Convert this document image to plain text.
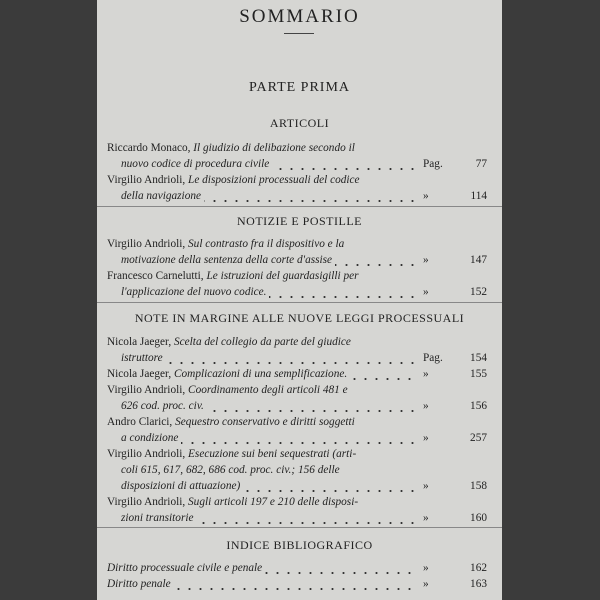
SOMMARIO
PARTE PRIMA
ARTICOLI
Riccardo Monaco, Il giudizio di delibazione secondo il
nuovo codice di procedura civile	Pag.	77
Virgilio Andrioli, Le disposizioni processuali del codice
della navigazione	»	114
NOTIZIE E POSTILLE
Virgilio Andrioli, Sul contrasto fra il dispositivo e la
motivazione della sentenza della corte d'assise	»	147
Francesco Carnelutti, Le istruzioni del guardasigilli per
l'applicazione del nuovo codice.	»	152
NOTE IN MARGINE ALLE NUOVE LEGGI PROCESSUALI
Nicola Jaeger, Scelta del collegio da parte del giudice
istruttore	Pag.	154
Nicola Jaeger, Complicazioni di una semplificazione.	»	155
Virgilio Andrioli, Coordinamento degli articoli 481 e
626 cod. proc. civ.	»	156
Andro Clarici, Sequestro conservativo e diritti soggetti
a condizione	»	257
Virgilio Andrioli, Esecuzione sui beni sequestrati (arti-
coli 615, 617, 682, 686 cod. proc. civ.; 156 delle
disposizioni di attuazione)	»	158
Virgilio Andrioli, Sugli articoli 197 e 210 delle disposi-
zioni transitorie	»	160
INDICE BIBLIOGRAFICO
Diritto processuale civile e penale	»	162
Diritto penale	»	163
